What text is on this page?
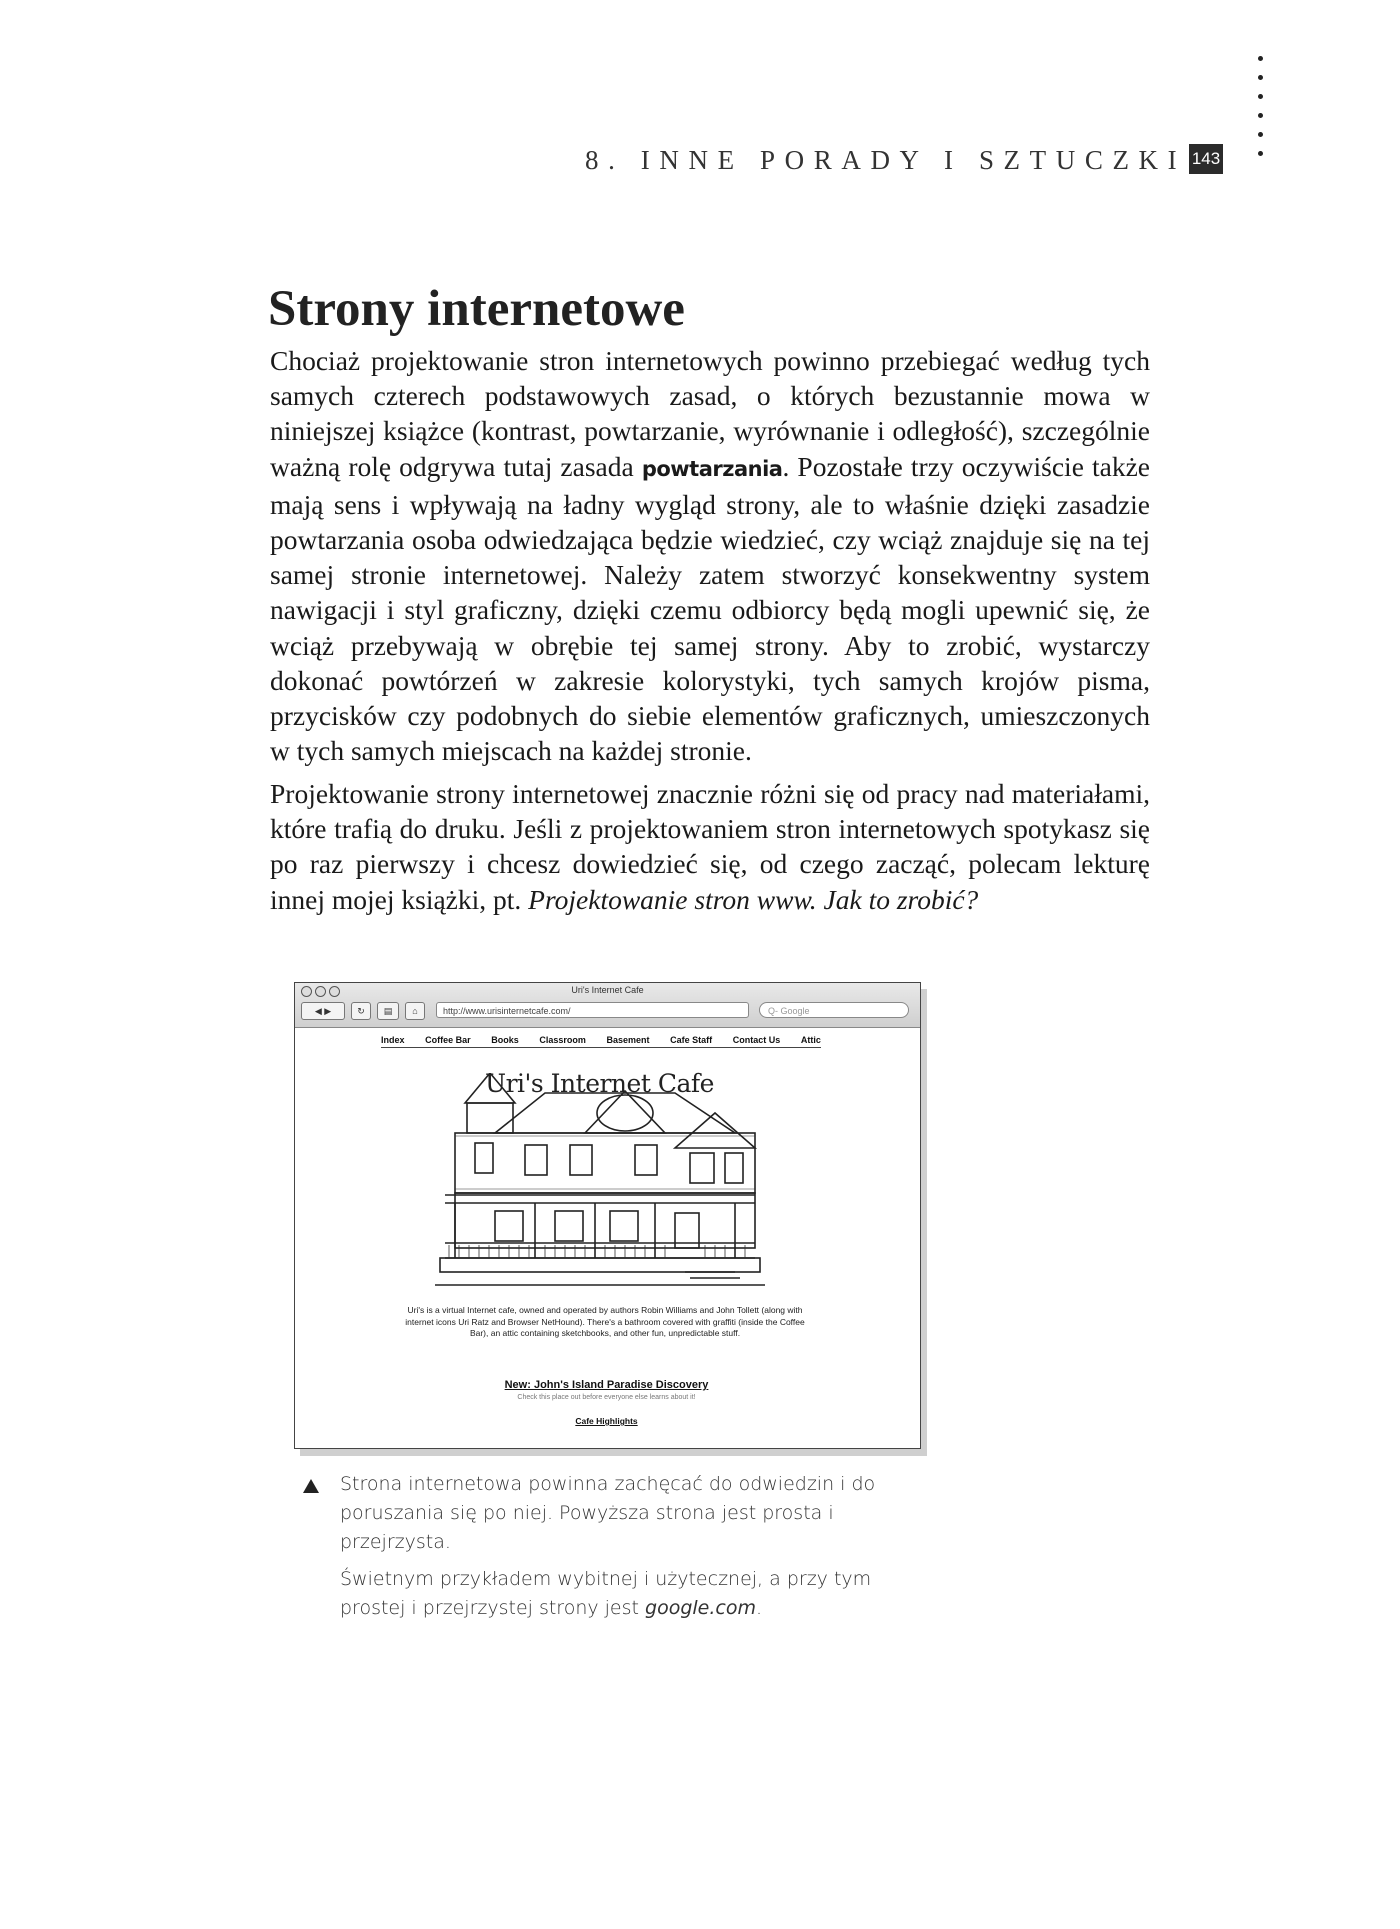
8. INNE PORADY I SZTUCZKI 143
Strony internetowe

Chociaż projektowanie stron internetowych powinno przebiegać według tych samych czterech podstawowych zasad, o których bezustannie mowa w niniejszej książce (kontrast, powtarzanie, wyrównanie i odległość), szczególnie ważną rolę odgrywa tutaj zasada powtarzania. Pozostałe trzy oczywiście także mają sens i wpływają na ładny wygląd strony, ale to właśnie dzięki zasadzie powtarzania osoba odwiedzająca będzie wiedzieć, czy wciąż znajduje się na tej samej stronie internetowej. Należy zatem stworzyć konsekwentny system nawigacji i styl graficzny, dzięki czemu odbiorcy będą mogli upewnić się, że wciąż przebywają w obrębie tej samej strony. Aby to zrobić, wystarczy dokonać powtórzeń w zakresie kolorystyki, tych samych krojów pisma, przycisków czy podobnych do siebie elementów graficznych, umieszczonych w tych samych miejscach na każdej stronie.

Projektowanie strony internetowej znacznie różni się od pracy nad materiałami, które trafią do druku. Jeśli z projektowaniem stron internetowych spotykasz się po raz pierwszy i chcesz dowiedzieć się, od czego zacząć, polecam lekturę innej mojej książki, pt. Projektowanie stron www. Jak to zrobić?

Uri's Internet Cafe
◀ ▶	↻	▤	⌂	http://www.urisinternetcafe.com/	Q- Google
Index Coffee Bar Books Classroom Basement Cafe Staff Contact Us Attic
Uri's Internet Cafe
Uri's is a virtual Internet cafe, owned and operated by authors Robin Williams and John Tollett (along with internet icons Uri Ratz and Browser NetHound). There's a bathroom covered with graffiti (inside the Coffee Bar), an attic containing sketchbooks, and other fun, unpredictable stuff.
New: John's Island Paradise Discovery
Check this place out before everyone else learns about it!
Cafe Highlights

Strona internetowa powinna zachęcać do odwiedzin i do poruszania się po niej. Powyższa strona jest prosta i przejrzysta.

Świetnym przykładem wybitnej i użytecznej, a przy tym prostej i przejrzystej strony jest google.com.
